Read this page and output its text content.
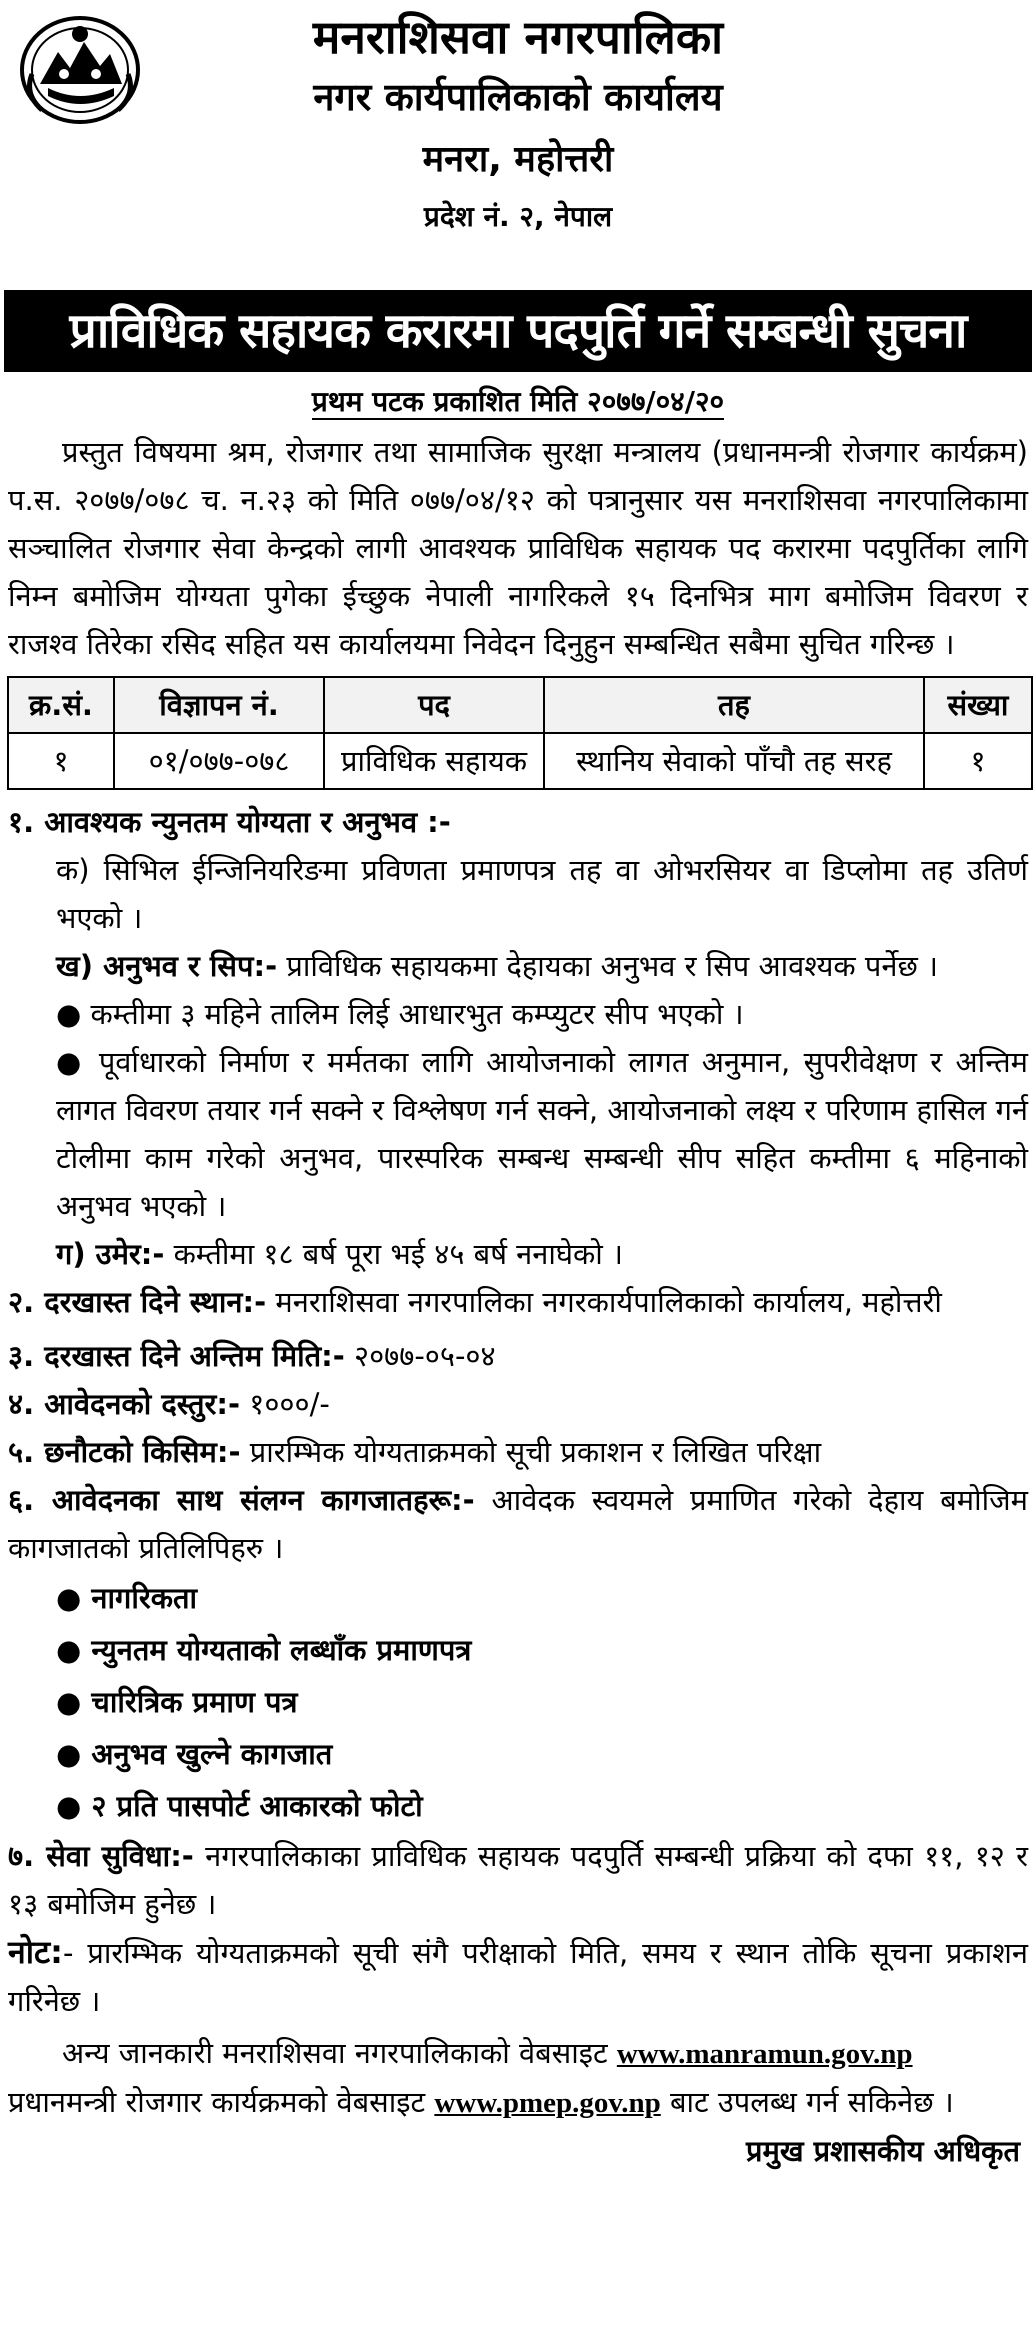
मनराशिसवा नगरपालिका
नगर कार्यपालिकाको कार्यालय
मनरा, महोत्तरी
प्रदेश नं. २, नेपाल
प्राविधिक सहायक करारमा पदपुर्ति गर्ने सम्बन्धी सुचना
प्रथम पटक प्रकाशित मिति २०७७/०४/२०
प्रस्तुत विषयमा श्रम, रोजगार तथा सामाजिक सुरक्षा मन्त्रालय (प्रधानमन्त्री रोजगार कार्यक्रम) प.स. २०७७/०७८ च. न.२३ को मिति ०७७/०४/१२ को पत्रानुसार यस मनराशिसवा नगरपालिकामा सञ्चालित रोजगार सेवा केन्द्रको लागी आवश्यक प्राविधिक सहायक पद करारमा पदपुर्तिका लागि निम्न बमोजिम योग्यता पुगेका ईच्छुक नेपाली नागरिकले १५ दिनभित्र माग बमोजिम विवरण र राजश्व तिरेका रसिद सहित यस कार्यालयमा निवेदन दिनुहुन सम्बन्धित सबैमा सुचित गरिन्छ ।
क्र.सं.	विज्ञापन नं.	पद	तह	संख्या
१	०१/०७७-०७८	प्राविधिक सहायक	स्थानिय सेवाको पाँचौ तह सरह	१
१. आवश्यक न्युनतम योग्यता र अनुभव :-
क) सिभिल ईन्जिनियरिङमा प्रविणता प्रमाणपत्र तह वा ओभरसियर वा डिप्लोमा तह उतिर्ण भएको ।
ख) अनुभव र सिप:- प्राविधिक सहायकमा देहायका अनुभव र सिप आवश्यक पर्नेछ ।
● कम्तीमा ३ महिने तालिम लिई आधारभुत कम्प्युटर सीप भएको ।
● पूर्वाधारको निर्माण र मर्मतका लागि आयोजनाको लागत अनुमान, सुपरीवेक्षण र अन्तिम लागत विवरण तयार गर्न सक्ने र विश्लेषण गर्न सक्ने, आयोजनाको लक्ष्य र परिणाम हासिल गर्न टोलीमा काम गरेको अनुभव, पारस्परिक सम्बन्ध सम्बन्धी सीप सहित कम्तीमा ६ महिनाको अनुभव भएको ।
ग) उमेर:- कम्तीमा १८ बर्ष पूरा भई ४५ बर्ष ननाघेको ।
२. दरखास्त दिने स्थान:- मनराशिसवा नगरपालिका नगरकार्यपालिकाको कार्यालय, महोत्तरी
३. दरखास्त दिने अन्तिम मिति:- २०७७-०५-०४
४. आवेदनको दस्तुर:- १०००/-
५. छनौटको किसिम:- प्रारम्भिक योग्यताक्रमको सूची प्रकाशन र लिखित परिक्षा
६. आवेदनका साथ संलग्न कागजातहरू:- आवेदक स्वयमले प्रमाणित गरेको देहाय बमोजिम कागजातको प्रतिलिपिहरु ।
● नागरिकता
● न्युनतम योग्यताको लब्धाँक प्रमाणपत्र
● चारित्रिक प्रमाण पत्र
● अनुभव खुल्ने कागजात
● २ प्रति पासपोर्ट आकारको फोटो
७. सेवा सुविधा:- नगरपालिकाका प्राविधिक सहायक पदपुर्ति सम्बन्धी प्रक्रिया को दफा ११, १२ र १३ बमोजिम हुनेछ ।
नोट:- प्रारम्भिक योग्यताक्रमको सूची संगै परीक्षाको मिति, समय र स्थान तोकि सूचना प्रकाशन गरिनेछ ।
अन्य जानकारी मनराशिसवा नगरपालिकाको वेबसाइट www.manramun.gov.np
प्रधानमन्त्री रोजगार कार्यक्रमको वेबसाइट www.pmep.gov.np बाट उपलब्ध गर्न सकिनेछ ।
प्रमुख प्रशासकीय अधिकृत
